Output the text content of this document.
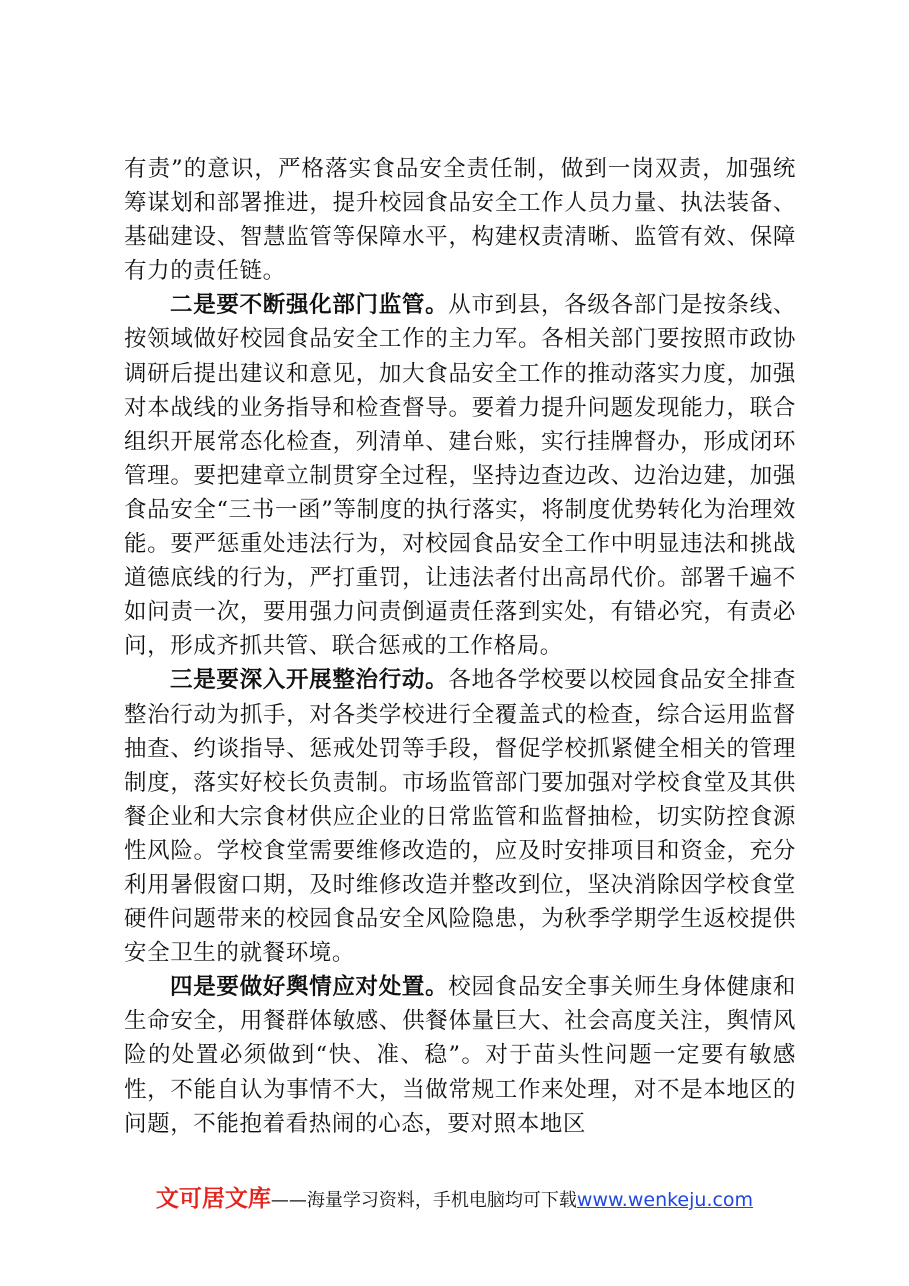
有责”的意识，严格落实食品安全责任制，做到一岗双责，加强统筹谋划和部署推进，提升校园食品安全工作人员力量、执法装备、基础建设、智慧监管等保障水平，构建权责清晰、监管有效、保障有力的责任链。

二是要不断强化部门监管。从市到县，各级各部门是按条线、按领域做好校园食品安全工作的主力军。各相关部门要按照市政协调研后提出建议和意见，加大食品安全工作的推动落实力度，加强对本战线的业务指导和检查督导。要着力提升问题发现能力，联合组织开展常态化检查，列清单、建台账，实行挂牌督办，形成闭环管理。要把建章立制贯穿全过程，坚持边查边改、边治边建，加强食品安全“三书一函”等制度的执行落实，将制度优势转化为治理效能。要严惩重处违法行为，对校园食品安全工作中明显违法和挑战道德底线的行为，严打重罚，让违法者付出高昂代价。部署千遍不如问责一次，要用强力问责倒逼责任落到实处，有错必究，有责必问，形成齐抓共管、联合惩戒的工作格局。

三是要深入开展整治行动。各地各学校要以校园食品安全排查整治行动为抓手，对各类学校进行全覆盖式的检查，综合运用监督抽查、约谈指导、惩戒处罚等手段，督促学校抓紧健全相关的管理制度，落实好校长负责制。市场监管部门要加强对学校食堂及其供餐企业和大宗食材供应企业的日常监管和监督抽检，切实防控食源性风险。学校食堂需要维修改造的，应及时安排项目和资金，充分利用暑假窗口期，及时维修改造并整改到位，坚决消除因学校食堂硬件问题带来的校园食品安全风险隐患，为秋季学期学生返校提供安全卫生的就餐环境。

四是要做好舆情应对处置。校园食品安全事关师生身体健康和生命安全，用餐群体敏感、供餐体量巨大、社会高度关注，舆情风险的处置必须做到“快、准、稳”。对于苗头性问题一定要有敏感性，不能自认为事情不大，当做常规工作来处理，对不是本地区的问题，不能抱着看热闹的心态，要对照本地区

文可居文库——海量学习资料，手机电脑均可下载www.wenkeju.com
